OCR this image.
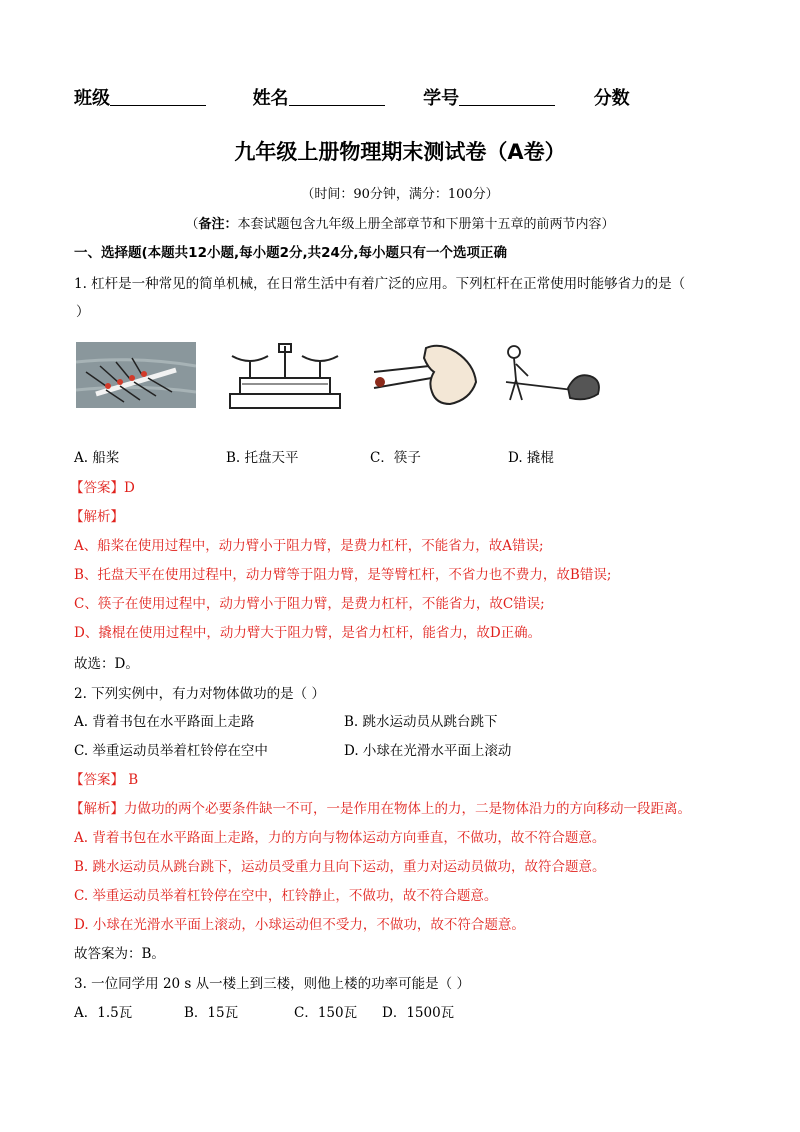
班级	姓名	学号	分数
九年级上册物理期末测试卷（A卷）
（时间：90分钟，满分：100分）
（备注：本套试题包含九年级上册全部章节和下册第十五章的前两节内容）
一、选择题(本题共12小题,每小题2分,共24分,每小题只有一个选项正确
1. 杠杆是一种常见的简单机械，在日常生活中有着广泛的应用。下列杠杆在正常使用时能够省力的是（
）
A. 船桨	B. 托盘天平	C．筷子	D. 撬棍
【答案】D
【解析】
A、船桨在使用过程中，动力臂小于阻力臂，是费力杠杆，不能省力，故A错误;
B、托盘天平在使用过程中，动力臂等于阻力臂，是等臂杠杆，不省力也不费力，故B错误;
C、筷子在使用过程中，动力臂小于阻力臂，是费力杠杆，不能省力，故C错误;
D、撬棍在使用过程中，动力臂大于阻力臂，是省力杠杆，能省力，故D正确。
故选：D。
2. 下列实例中，有力对物体做功的是（ ）
A. 背着书包在水平路面上走路	B. 跳水运动员从跳台跳下
C. 举重运动员举着杠铃停在空中	D. 小球在光滑水平面上滚动
【答案】 B
【解析】力做功的两个必要条件缺一不可，一是作用在物体上的力，二是物体沿力的方向移动一段距离。
A. 背着书包在水平路面上走路，力的方向与物体运动方向垂直，不做功，故不符合题意。
B. 跳水运动员从跳台跳下，运动员受重力且向下运动，重力对运动员做功，故符合题意。
C. 举重运动员举着杠铃停在空中，杠铃静止，不做功，故不符合题意。
D. 小球在光滑水平面上滚动，小球运动但不受力，不做功，故不符合题意。
故答案为：B。
3. 一位同学用 20 s 从一楼上到三楼，则他上楼的功率可能是（ ）
A．1.5瓦	B．15瓦	C．150瓦 D．1500瓦
